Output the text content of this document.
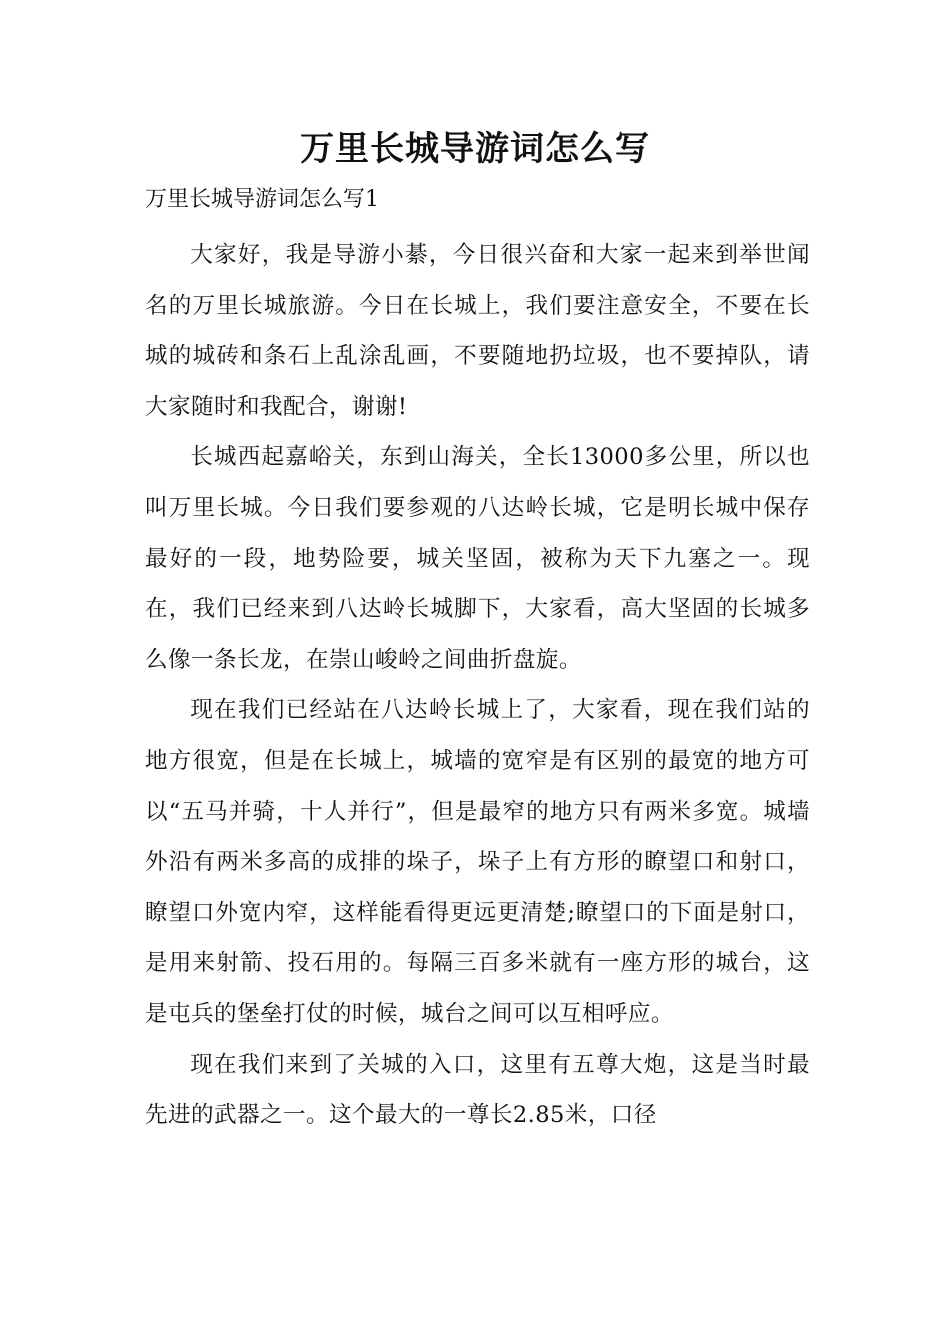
万里长城导游词怎么写
万里长城导游词怎么写1

大家好，我是导游小綦，今日很兴奋和大家一起来到举世闻名的万里长城旅游。今日在长城上，我们要注意安全，不要在长城的城砖和条石上乱涂乱画，不要随地扔垃圾，也不要掉队，请大家随时和我配合，谢谢!

长城西起嘉峪关，东到山海关，全长13000多公里，所以也叫万里长城。今日我们要参观的八达岭长城，它是明长城中保存最好的一段，地势险要，城关坚固，被称为天下九塞之一。现在，我们已经来到八达岭长城脚下，大家看，高大坚固的长城多么像一条长龙，在崇山峻岭之间曲折盘旋。

现在我们已经站在八达岭长城上了，大家看，现在我们站的地方很宽，但是在长城上，城墙的宽窄是有区别的最宽的地方可以“五马并骑，十人并行”，但是最窄的地方只有两米多宽。城墙外沿有两米多高的成排的垛子，垛子上有方形的瞭望口和射口，瞭望口外宽内窄，这样能看得更远更清楚;瞭望口的下面是射口，是用来射箭、投石用的。每隔三百多米就有一座方形的城台，这是屯兵的堡垒打仗的时候，城台之间可以互相呼应。

现在我们来到了关城的入口，这里有五尊大炮，这是当时最先进的武器之一。这个最大的一尊长2.85米，口径
